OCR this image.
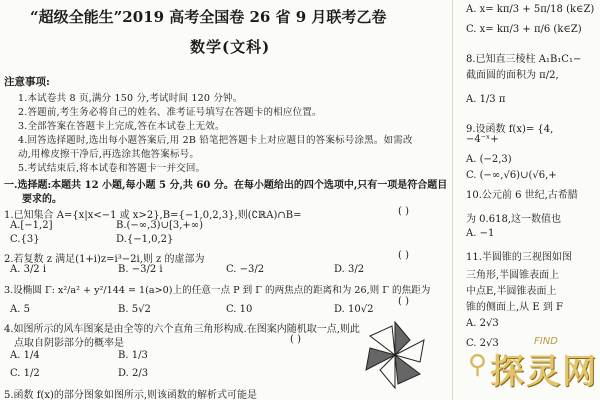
“超级全能生”2019 高考全国卷 26 省 9 月联考乙卷
数学(文科)
注意事项:
1.本试卷共 8 页,满分 150 分,考试时间 120 分钟。
2.答题前,考生务必将自己的姓名、准考证号填写在答题卡的相应位置。
3.全部答案在答题卡上完成,答在本试卷上无效。
4.回答选择题时,选出每小题答案后,用 2B 铅笔把答题卡上对应题目的答案标号涂黑。如需改
动,用橡皮擦干净后,再选涂其他答案标号。
5.考试结束后,将本试卷和答题卡一并交回。
一.选择题:本题共 12 小题,每小题 5 分,共 60 分。在每小题给出的四个选项中,只有一项是符合题目
要求的。
1.已知集合 A={x|x<−1 或 x>2},B={−1,0,2,3},则(∁ℝA)∩B=	( )
A.[−1,2]	B.(−∞,3)∪[3,+∞)
C.{3}	D.{−1,0,2}
2.若复数 z 满足(1+i)z=i³−2i,则 z 的虚部为	( )
A. 3/2 i	B. −3/2 i	C. −3/2	D. 3/2
3.设椭圆 Γ: x²/a² + y²/144 = 1(a>0)上的任意一点 P 到 Γ 的两焦点的距离和为 26,则 Γ 的焦距为
( )
A. 5	B. 5√2	C. 10	D. 10√2
4.如图所示的风车图案是由全等的六个直角三角形构成.在图案内随机取一点,则此
点取自阴影部分的概率是	( )
A. 1/4	B. 1/3
C. 1/2	D. 2/3
5.函数 f(x)的部分图象如图所示,则该函数的解析式可能是
A. x= kπ/3 + 5π/18 (k∈Z)
C. x= kπ/3 + π/6 (k∈Z)
8.已知直三棱柱 A₁B₁C₁−
截面圆的面积为 π/2,
A. 1/3 π
9.设函数 f(x)= {4,
−4⁻ˣ+
A. (−2,3)
C. (−∞,√6)∪(√6,+
10.公元前 6 世纪,古希腊
为 0.618,这一数值也
A. −1
11.半圆锥的三视图如图
三角形,半圆锥表面上
中点E,半圆锥表面上
锥的侧面上,从 E 到 F
A. 2√3
C. 2√3
⚲
FIND
探灵网
